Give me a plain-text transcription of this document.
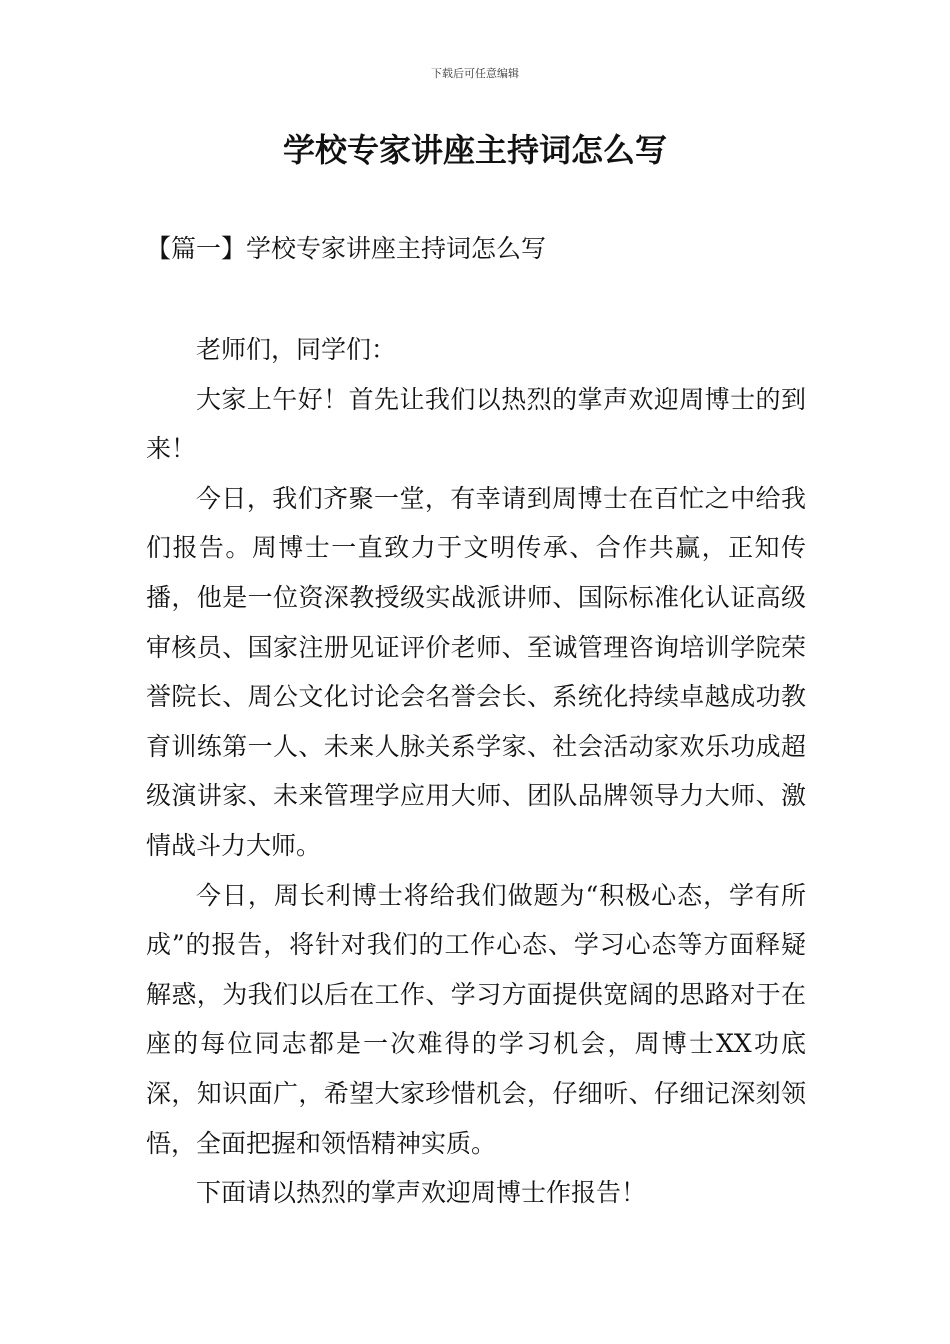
下载后可任意编辑
学校专家讲座主持词怎么写
【篇一】学校专家讲座主持词怎么写

老师们，同学们：

大家上午好！首先让我们以热烈的掌声欢迎周博士的到来！

今日，我们齐聚一堂，有幸请到周博士在百忙之中给我们报告。周博士一直致力于文明传承、合作共赢，正知传播，他是一位资深教授级实战派讲师、国际标准化认证高级审核员、国家注册见证评价老师、至诚管理咨询培训学院荣誉院长、周公文化讨论会名誉会长、系统化持续卓越成功教育训练第一人、未来人脉关系学家、社会活动家欢乐功成超级演讲家、未来管理学应用大师、团队品牌领导力大师、激情战斗力大师。

今日，周长利博士将给我们做题为“积极心态，学有所成”的报告，将针对我们的工作心态、学习心态等方面释疑解惑，为我们以后在工作、学习方面提供宽阔的思路对于在座的每位同志都是一次难得的学习机会，周博士XX功底深，知识面广，希望大家珍惜机会，仔细听、仔细记深刻领悟，全面把握和领悟精神实质。

下面请以热烈的掌声欢迎周博士作报告！
